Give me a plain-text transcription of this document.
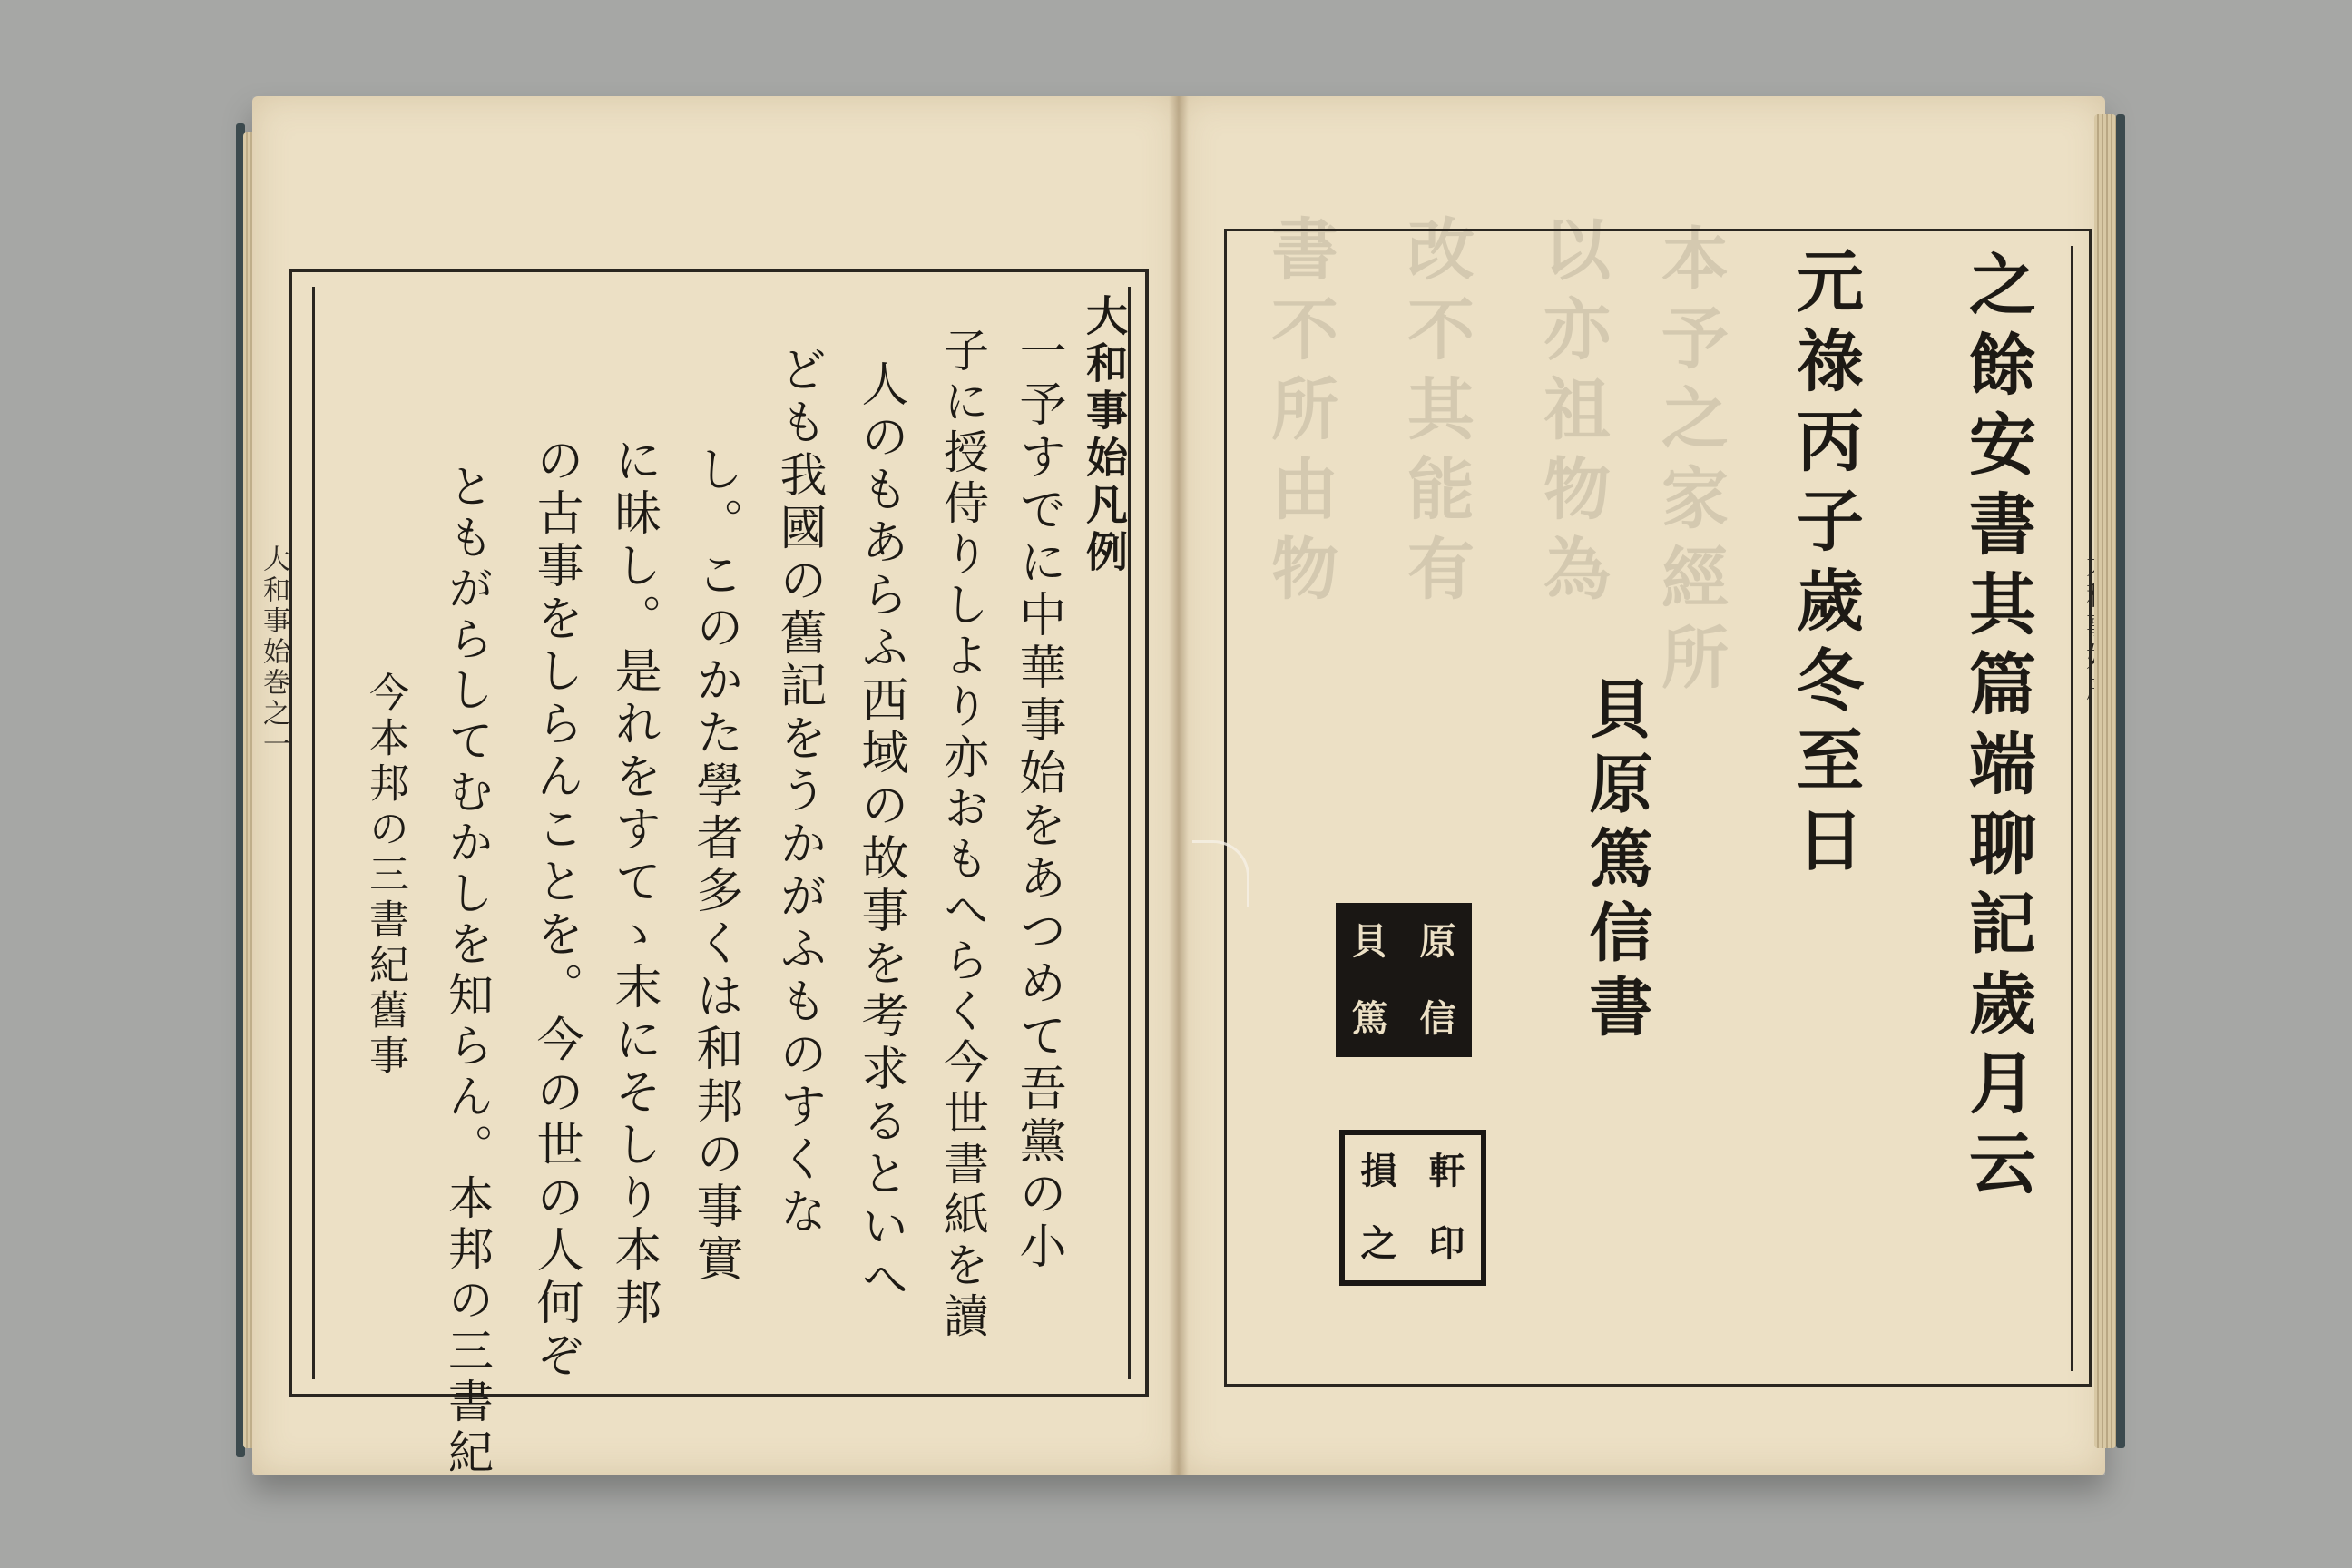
大和事始凡例
一予すでに中華事始をあつめて吾黨の小
子に授侍りしより亦おもへらく今世書紙を讀
人のもあらふ西域の故事を考求るといへ
ども我國の舊記をうかがふものすくな
し。このかた學者多くは和邦の事實
に昧し。是れをすてゝ末にそしり本邦
の古事をしらんことを。今の世の人何ぞ
ともがらしてむかしを知らん。本邦の三書紀
今本邦の三書紀舊事
大和事始巻之一
書不所由物 改不其能有 以亦祖物為 本予之家經所	之餘安書其篇端聊記歲月云
元祿丙子歲冬至日
貝原篤信書
貝 原
篤 信
損 軒
之 印
